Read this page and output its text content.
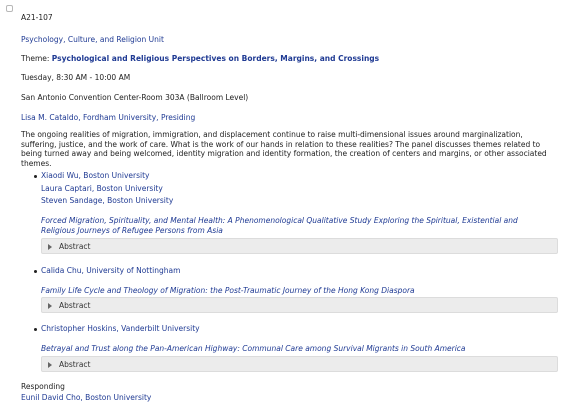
A21-107
Psychology, Culture, and Religion Unit
Theme: Psychological and Religious Perspectives on Borders, Margins, and Crossings
Tuesday, 8:30 AM - 10:00 AM
San Antonio Convention Center-Room 303A (Ballroom Level)
Lisa M. Cataldo, Fordham University, Presiding
The ongoing realities of migration, immigration, and displacement continue to raise multi-dimensional issues around marginalization, suffering, justice, and the work of care. What is the work of our hands in relation to these realities? The panel discusses themes related to being turned away and being welcomed, identity migration and identity formation, the creation of centers and margins, or other associated themes.
Xiaodi Wu, Boston University
Laura Captari, Boston University
Steven Sandage, Boston University
Forced Migration, Spirituality, and Mental Health: A Phenomenological Qualitative Study Exploring the Spiritual, Existential and Religious Journeys of Refugee Persons from Asia
Abstract
Calida Chu, University of Nottingham
Family Life Cycle and Theology of Migration: the Post-Traumatic Journey of the Hong Kong Diaspora
Abstract
Christopher Hoskins, Vanderbilt University
Betrayal and Trust along the Pan-American Highway: Communal Care among Survival Migrants in South America
Abstract
Responding
Eunil David Cho, Boston University
